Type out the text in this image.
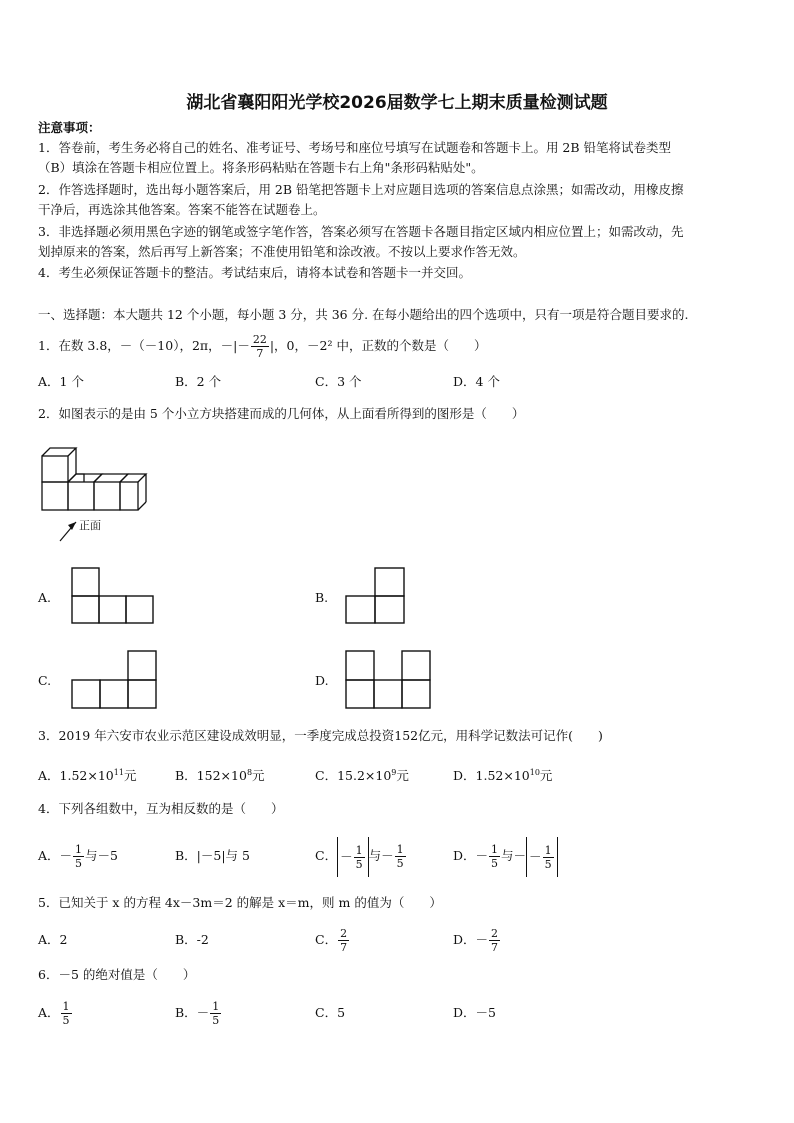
湖北省襄阳阳光学校2026届数学七上期末质量检测试题
注意事项：
1．答卷前，考生务必将自己的姓名、准考证号、考场号和座位号填写在试题卷和答题卡上。用 2B 铅笔将试卷类型
（B）填涂在答题卡相应位置上。将条形码粘贴在答题卡右上角"条形码粘贴处"。
2．作答选择题时，选出每小题答案后，用 2B 铅笔把答题卡上对应题目选项的答案信息点涂黑；如需改动，用橡皮擦
干净后，再选涂其他答案。答案不能答在试题卷上。
3．非选择题必须用黑色字迹的钢笔或签字笔作答，答案必须写在答题卡各题目指定区域内相应位置上；如需改动，先
划掉原来的答案，然后再写上新答案；不准使用铅笔和涂改液。不按以上要求作答无效。
4．考生必须保证答题卡的整洁。考试结束后，请将本试卷和答题卡一并交回。
一、选择题：本大题共 12 个小题，每小题 3 分，共 36 分. 在每小题给出的四个选项中，只有一项是符合题目要求的.
1．在数 3.8，－（－10），2π，－|－ $\frac{22}{7}$ |，0，－2² 中，正数的个数是（　　）
A．1 个	B．2 个	C．3 个	D．4 个
2．如图表示的是由 5 个小立方块搭建而成的几何体，从上面看所得到的图形是（　　）
正面
A.	B.
C.	D.
3．2019 年六安市农业示范区建设成效明显，一季度完成总投资152亿元，用科学记数法可记作(　　)
A．$1.52\times 10^{11}$元	B．$152\times 10^8$元	C．$15.2\times 10^9$元	D．$1.52\times 10^{10}$元
4．下列各组数中，互为相反数的是（　　）
A．－ $\frac{1}{5}$ 与－5	B．|－5|与 5	C． － $\frac{1}{5}$ 与－ $\frac{1}{5}$	D．－ $\frac{1}{5}$ 与－ － $\frac{1}{5}$
5．已知关于 x 的方程 4x－3m＝2 的解是 x＝m，则 m 的值为（　　）
A．2	B．-2	C． $\frac{2}{7}$	D．－ $\frac{2}{7}$
6．－5 的绝对值是（　　）
A． $\frac{1}{5}$	B．－ $\frac{1}{5}$	C．5	D．－5
